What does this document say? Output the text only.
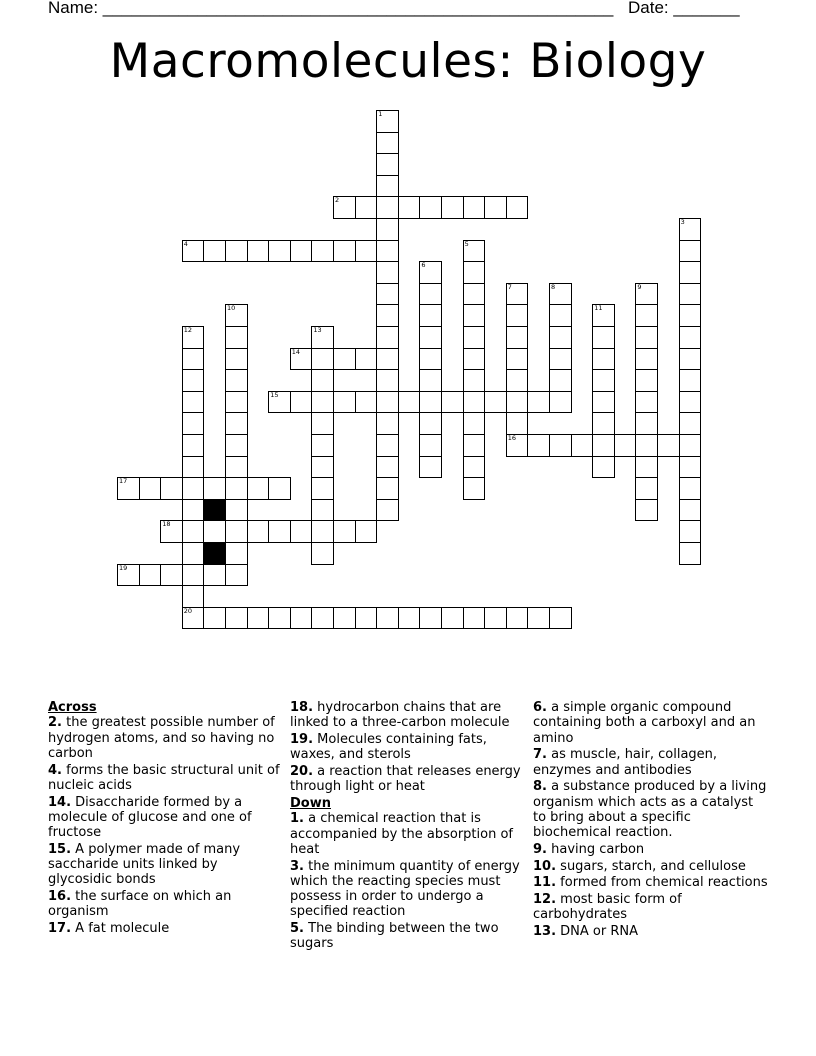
Name: ______________________________________________________ Date: _______
Macromolecules: Biology
1
2
3
4	5
6
7
16
8	9
10	11
12
20
13
14
15
17
18
19
Across
2. the greatest possible number of hydrogen atoms, and so having no carbon
4. forms the basic structural unit of nucleic acids
14. Disaccharide formed by a molecule of glucose and one of fructose
15. A polymer made of many saccharide units linked by glycosidic bonds
16. the surface on which an organism
17. A fat molecule
18. hydrocarbon chains that are linked to a three-carbon molecule
19. Molecules containing fats, waxes, and sterols
20. a reaction that releases energy through light or heat
Down
1. a chemical reaction that is accompanied by the absorption of heat
3. the minimum quantity of energy which the reacting species must possess in order to undergo a specified reaction
5. The binding between the two sugars
6. a simple organic compound containing both a carboxyl and an amino
7. as muscle, hair, collagen, enzymes and antibodies
8. a substance produced by a living organism which acts as a catalyst to bring about a specific biochemical reaction.
9. having carbon
10. sugars, starch, and cellulose
11. formed from chemical reactions
12. most basic form of carbohydrates
13. DNA or RNA
